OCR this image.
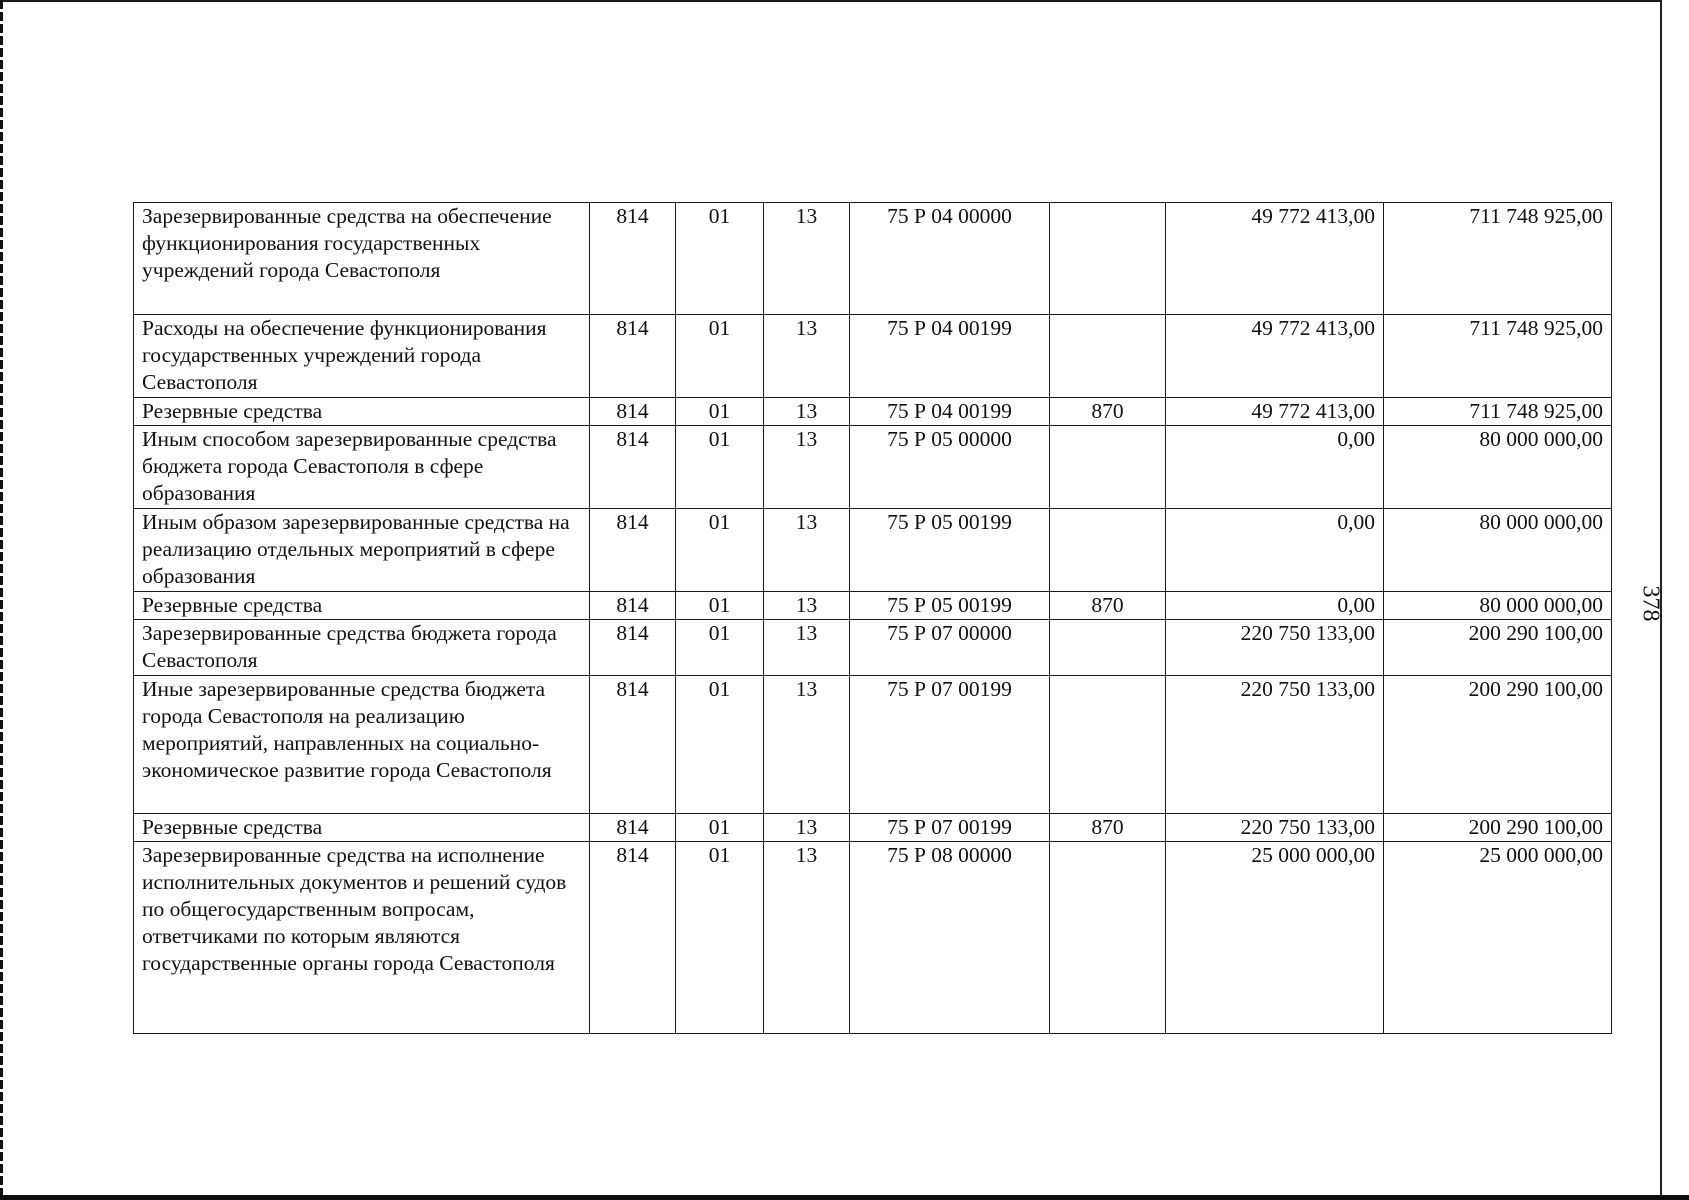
378
Зарезервированные средства на обеспечение функционирования государственных учреждений города Севастополя	814	01	13	75 Р 04 00000		49 772 413,00	711 748 925,00
Расходы на обеспечение функционирования государственных учреждений города Севастополя	814	01	13	75 Р 04 00199		49 772 413,00	711 748 925,00
Резервные средства	814	01	13	75 Р 04 00199	870	49 772 413,00	711 748 925,00
Иным способом зарезервированные средства бюджета города Севастополя в сфере образования	814	01	13	75 Р 05 00000		0,00	80 000 000,00
Иным образом зарезервированные средства на реализацию отдельных мероприятий в сфере образования	814	01	13	75 Р 05 00199		0,00	80 000 000,00
Резервные средства	814	01	13	75 Р 05 00199	870	0,00	80 000 000,00
Зарезервированные средства бюджета города Севастополя	814	01	13	75 Р 07 00000		220 750 133,00	200 290 100,00
Иные зарезервированные средства бюджета города Севастополя на реализацию мероприятий, направленных на социально-экономическое развитие города Севастополя	814	01	13	75 Р 07 00199		220 750 133,00	200 290 100,00
Резервные средства	814	01	13	75 Р 07 00199	870	220 750 133,00	200 290 100,00
Зарезервированные средства на исполнение исполнительных документов и решений судов по общегосударственным вопросам, ответчиками по которым являются государственные органы города Севастополя	814	01	13	75 Р 08 00000		25 000 000,00	25 000 000,00
